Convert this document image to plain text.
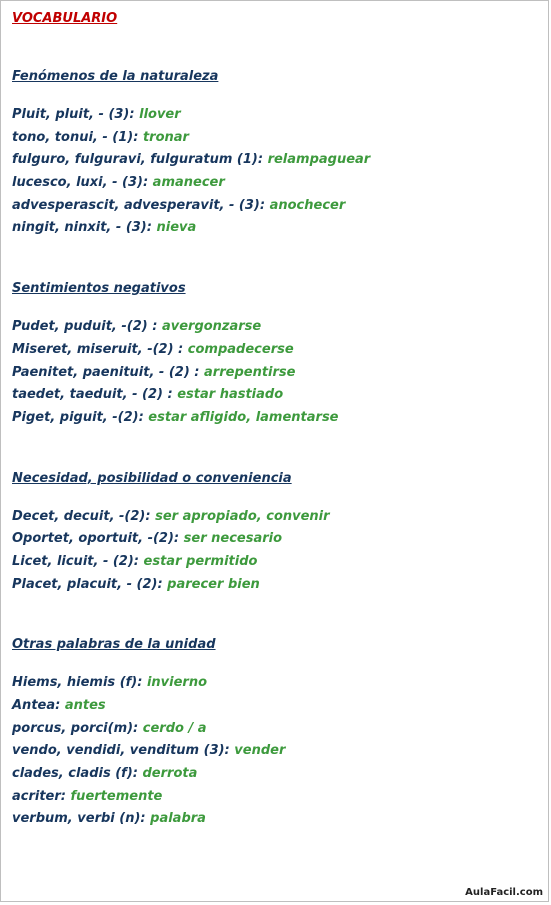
VOCABULARIO
Fenómenos de la naturaleza
Pluit, pluit, - (3): llover
tono, tonui, - (1): tronar
fulguro, fulguravi, fulguratum (1): relampaguear
lucesco, luxi, - (3): amanecer
advesperascit, advesperavit, - (3): anochecer
ningit, ninxit, - (3): nieva
Sentimientos negativos
Pudet, puduit, -(2) : avergonzarse
Miseret, miseruit, -(2) : compadecerse
Paenitet, paenituit, - (2) : arrepentirse
taedet, taeduit, - (2) : estar hastiado
Piget, piguit, -(2): estar afligido, lamentarse
Necesidad, posibilidad o conveniencia
Decet, decuit, -(2): ser apropiado, convenir
Oportet, oportuit, -(2): ser necesario
Licet, licuit, - (2): estar permitido
Placet, placuit, - (2): parecer bien
Otras palabras de la unidad
Hiems, hiemis (f): invierno
Antea: antes
porcus, porci(m): cerdo / a
vendo, vendidi, venditum (3): vender
clades, cladis (f): derrota
acriter: fuertemente
verbum, verbi (n): palabra
AulaFacil.com
